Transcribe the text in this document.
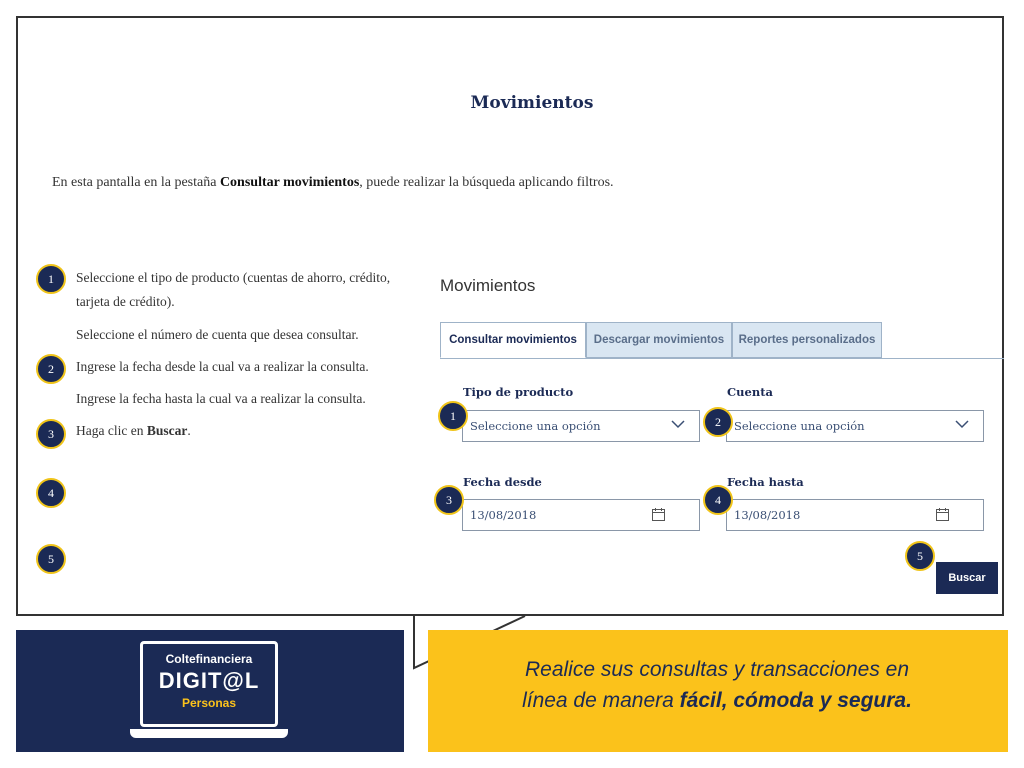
Movimientos
En esta pantalla en la pestaña Consultar movimientos, puede realizar la búsqueda aplicando filtros.
1
2
3
4
5
Seleccione el tipo de producto (cuentas de ahorro, crédito, tarjeta de crédito).
Seleccione el número de cuenta que desea consultar.
Ingrese la fecha desde la cual va a realizar la consulta.
Ingrese la fecha hasta la cual va a realizar la consulta.
Haga clic en Buscar.
Movimientos
Consultar movimientos	Descargar movimientos	Reportes personalizados
Tipo de producto
Seleccione una opción
Cuenta
Seleccione una opción
Fecha desde
13/08/2018
Fecha hasta
13/08/2018
Buscar
1	2
3	4
5
Coltefinanciera
DIGIT@L
Personas
Realice sus consultas y transacciones en
línea de manera fácil, cómoda y segura.
